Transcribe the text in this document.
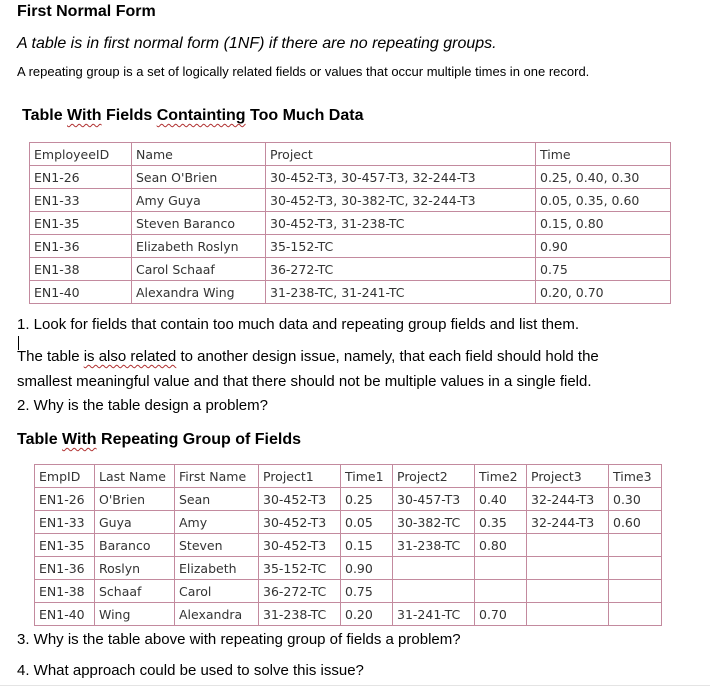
First Normal Form
A table is in first normal form (1NF) if there are no repeating groups.
A repeating group is a set of logically related fields or values that occur multiple times in one record.
Table With Fields Containting Too Much Data
EmployeeID	Name	Project	Time
EN1-26	Sean O'Brien	30-452-T3, 30-457-T3, 32-244-T3	0.25, 0.40, 0.30
EN1-33	Amy Guya	30-452-T3, 30-382-TC, 32-244-T3	0.05, 0.35, 0.60
EN1-35	Steven Baranco	30-452-T3, 31-238-TC	0.15, 0.80
EN1-36	Elizabeth Roslyn	35-152-TC	0.90
EN1-38	Carol Schaaf	36-272-TC	0.75
EN1-40	Alexandra Wing	31-238-TC, 31-241-TC	0.20, 0.70
1. Look for fields that contain too much data and repeating group fields and list them.
The table is also related to another design issue, namely, that each field should hold the
smallest meaningful value and that there should not be multiple values in a single field.
2. Why is the table design a problem?
Table With Repeating Group of Fields
EmpID	Last Name	First Name	Project1	Time1	Project2	Time2	Project3	Time3
EN1-26	O'Brien	Sean	30-452-T3	0.25	30-457-T3	0.40	32-244-T3	0.30
EN1-33	Guya	Amy	30-452-T3	0.05	30-382-TC	0.35	32-244-T3	0.60
EN1-35	Baranco	Steven	30-452-T3	0.15	31-238-TC	0.80		
EN1-36	Roslyn	Elizabeth	35-152-TC	0.90				
EN1-38	Schaaf	Carol	36-272-TC	0.75				
EN1-40	Wing	Alexandra	31-238-TC	0.20	31-241-TC	0.70		
3. Why is the table above with repeating group of fields a problem?
4. What approach could be used to solve this issue?
